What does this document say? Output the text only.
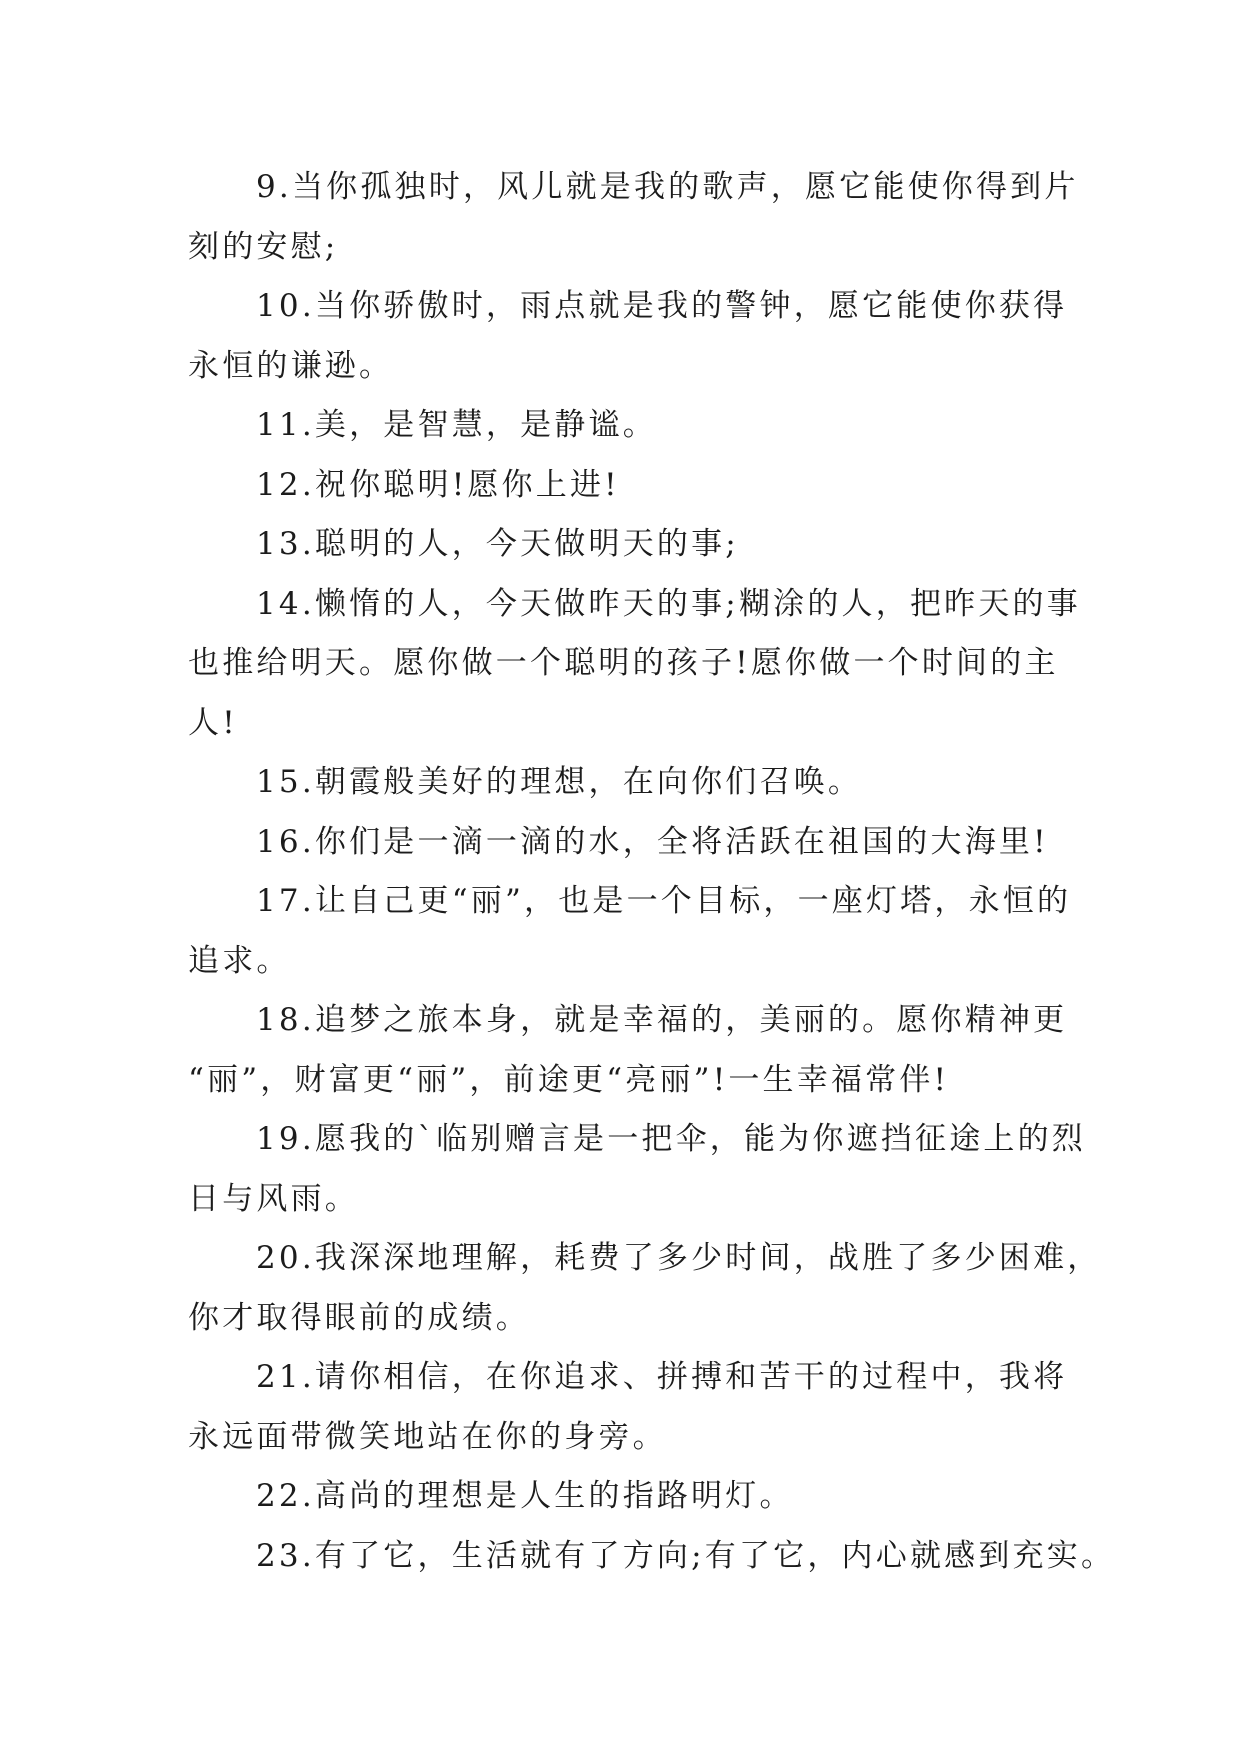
9.当你孤独时，风儿就是我的歌声，愿它能使你得到片
刻的安慰;
10.当你骄傲时，雨点就是我的警钟，愿它能使你获得
永恒的谦逊。
11.美，是智慧，是静谧。
12.祝你聪明!愿你上进!
13.聪明的人，今天做明天的事;
14.懒惰的人，今天做昨天的事;糊涂的人，把昨天的事
也推给明天。愿你做一个聪明的孩子!愿你做一个时间的主
人!
15.朝霞般美好的理想，在向你们召唤。
16.你们是一滴一滴的水，全将活跃在祖国的大海里!
17.让自己更“丽”，也是一个目标，一座灯塔，永恒的
追求。
18.追梦之旅本身，就是幸福的，美丽的。愿你精神更
“丽”，财富更“丽”，前途更“亮丽”!一生幸福常伴!
19.愿我的`临别赠言是一把伞，能为你遮挡征途上的烈
日与风雨。
20.我深深地理解，耗费了多少时间，战胜了多少困难，
你才取得眼前的成绩。
21.请你相信，在你追求、拼搏和苦干的过程中，我将
永远面带微笑地站在你的身旁。
22.高尚的理想是人生的指路明灯。
23.有了它，生活就有了方向;有了它，内心就感到充实。
